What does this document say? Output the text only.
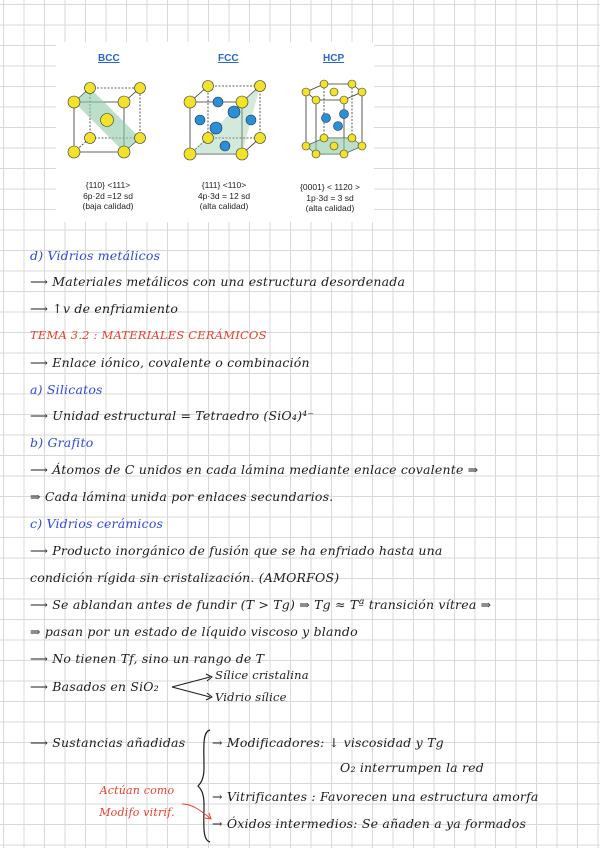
BCC	FCC	HCP
{110} <111>
6p·2d =12 sd
(baja calidad)
{111} <110>
4p·3d = 12 sd
(alta calidad)
{0001} < 1120 >
1p·3d = 3 sd
(alta calidad)
d) Vidrios metálicos
⟶ Materiales metálicos con una estructura desordenada
⟶ ↑v de enfriamiento
TEMA 3.2 : MATERIALES CERÁMICOS
⟶ Enlace iónico, covalente o combinación
a) Silicatos
⟶ Unidad estructural = Tetraedro (SiO₄)⁴⁻
b) Grafito
⟶ Átomos de C unidos en cada lámina mediante enlace covalente ⇒
⇒ Cada lámina unida por enlaces secundarios.
c) Vidrios cerámicos
⟶ Producto inorgánico de fusión que se ha enfriado hasta una
condición rígida sin cristalización. (AMORFOS)
⟶ Se ablandan antes de fundir (T > Tg) ⇒ Tg ≈ Tª transición vítrea ⇒
⇒ pasan por un estado de líquido viscoso y blando
⟶ No tienen Tf, sino un rango de T
⟶ Basados en SiO₂
Sílice cristalina
Vidrio sílice
⟶ Sustancias añadidas → Modificadores: ↓ viscosidad y Tg
O₂ interrumpen la red
→ Vitrificantes : Favorecen una estructura amorfa
→ Óxidos intermedios: Se añaden a ya formados
Actúan como Modifo vitrif.
